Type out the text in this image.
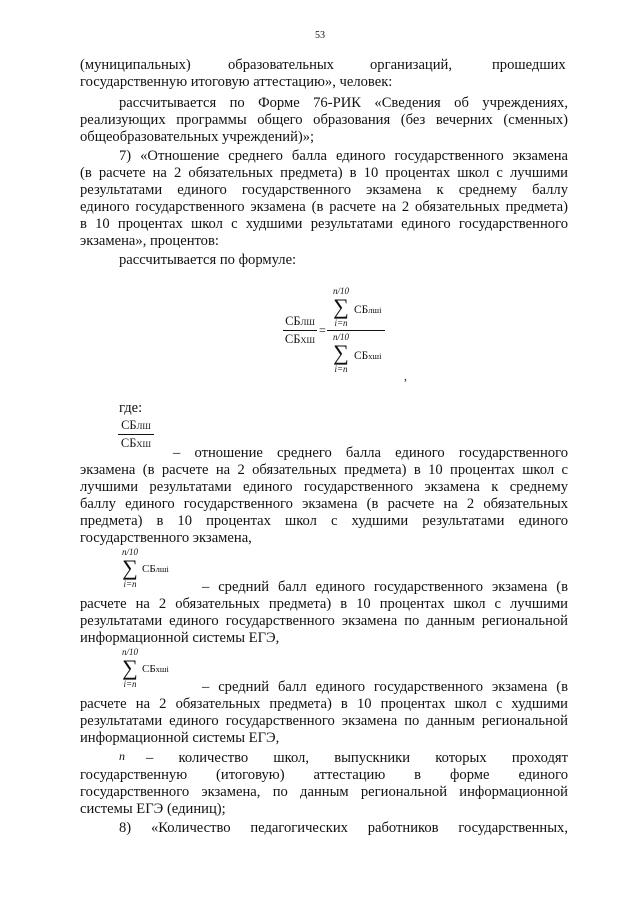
53
(муниципальных)	образовательных организаций,	прошедших
государственную итоговую аттестацию», человек:
рассчитывается по Форме 76-РИК «Сведения об учреждениях,
реализующих программы общего образования (без вечерних (сменных)
общеобразовательных учреждений)»;
7) «Отношение среднего балла единого государственного экзамена
(в расчете на 2 обязательных предмета) в 10 процентах школ с лучшими
результатами единого государственного экзамена к среднему баллу
единого государственного экзамена (в расчете на 2 обязательных предмета)
в 10 процентах школ с худшими результатами единого государственного
экзамена», процентов:
рассчитывается по формуле:
СБЛШ
СБХШ
=
n/10
∑
i=n
СБлшi
n/10
∑
i=n
СБхшi
,
где:
СБЛШ
СБХШ
– отношение среднего балла единого государственного
экзамена (в расчете на 2 обязательных предмета) в 10 процентах школ с
лучшими результатами единого государственного экзамена к среднему
баллу единого государственного экзамена (в расчете на 2 обязательных
предмета) в 10 процентах школ с худшими результатами единого
государственного экзамена,
n/10
∑
i=n
СБлшi
– средний балл единого государственного экзамена (в
расчете на 2 обязательных предмета) в 10 процентах школ с лучшими
результатами единого государственного экзамена по данным региональной
информационной системы ЕГЭ,
n/10
∑
i=n
СБхшi
– средний балл единого государственного экзамена (в
расчете на 2 обязательных предмета) в 10 процентах школ с худшими
результатами единого государственного экзамена по данным региональной
информационной системы ЕГЭ,
n – количество школ, выпускники которых проходят
государственную (итоговую) аттестацию в форме единого
государственного экзамена, по данным региональной информационной
системы ЕГЭ (единиц);
8) «Количество педагогических работников государственных,
